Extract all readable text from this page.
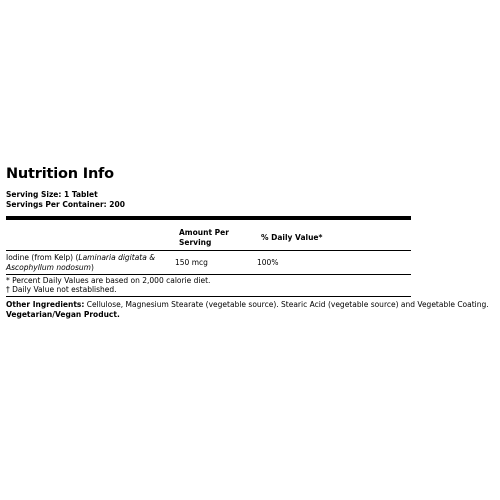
Nutrition Info
Serving Size: 1 Tablet
Servings Per Container: 200
Amount Per Serving
% Daily Value*
Iodine (from Kelp) (Laminaria digitata & Ascophyllum nodosum)
150 mcg	100%
* Percent Daily Values are based on 2,000 calorie diet.
† Daily Value not established.
Other Ingredients: Cellulose, Magnesium Stearate (vegetable source). Stearic Acid (vegetable source) and Vegetable Coating.
Vegetarian/Vegan Product.
